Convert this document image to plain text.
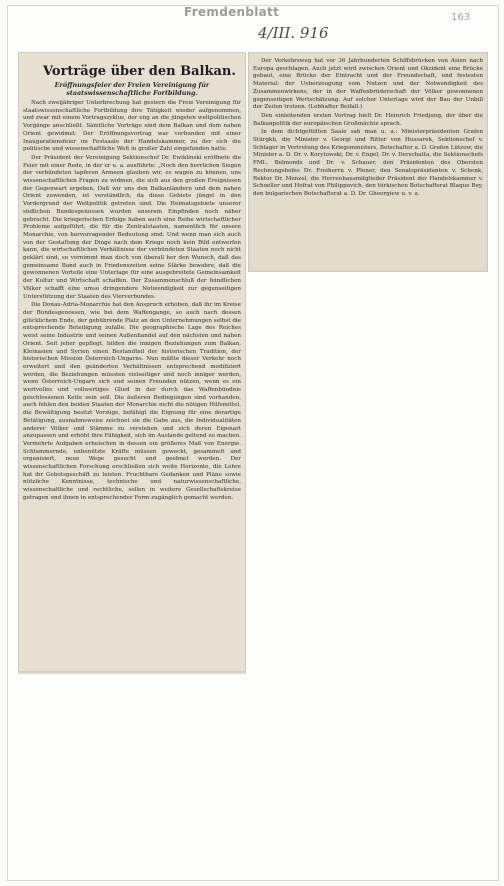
Fremdenblatt
4/III. 916
163
Vorträge über den Balkan.
Eröffnungsfeier der Freien Vereinigung für staatswissenschaftliche Fortbildung.

Nach zweijähriger Unterbrechung hat gestern die Freie Vereinigung für staatswissenschaftliche Fortbildung ihre Tätigkeit wieder aufgenommen, und zwar mit einem Vortragszyklus, der eng an die jüngsten weltpolitischen Vorgänge anschließt. Sämtliche Vorträge sind dem Balkan und dem nahen Orient gewidmet. Der Eröffnungsvortrag war verbunden mit einer Inaugurationsfeier im Festsaale der Handelskammer, zu der sich die politische und wissenschaftliche Welt in großer Zahl eingefunden hatte.

Der Präsident der Vereinigung Sektionschef Dr. Ewiklinski eröffnete die Feier mit einer Rede, in der er u. a. ausführte: „Noch den herrlichen Siegen der verbündeten tapferen Armeen glauben wir, es wagen zu können, uns wissenschaftlichen Fragen zu widmen, die sich aus den großen Ereignissen der Gegenwart ergeben. Daß wir uns den Balkanländern und dem nahen Orient zuwenden, ist verständlich, da diese Gebiete jüngst in den Vordergrund der Weltpolitik getreten sind. Die Heimatsgebiete unserer südlichen Bundesgenossen wurden unserem Empfinden noch näher gebracht. Die kriegerischen Erfolge haben auch eine Reihe wirtschaftlicher Probleme aufgeführt, die für die Zentralstaaten, namentlich für unsere Monarchie, von hervorragender Bedeutung sind. Und wenn man sich auch von der Gestaltung der Dinge nach dem Kriege noch kein Bild entwerfen kann, die wirtschaftlichen Verhältnisse der verbündeten Staaten noch nicht geklärt sind, so vernimmt man doch von überall her den Wunsch, daß das gemeinsame Band auch in Friedenszeiten seine Stärke bewahre, daß die gewonnenen Vorteile eine Unterlage für eine ausgebreitete Gemeinsamkeit der Kultur und Wirtschaft schaffen. Der Zusammenschluß der feindlichen Völker schafft eine umso dringendere Notwendigkeit zur gegenseitigen Unterstützung der Staaten des Vierverbundes.

Die Donau-Adria-Monarchie hat den Anspruch erhoben, daß ihr im Kreise der Bundesgenossen, wie bei dem Waffengange, so auch nach dessen glücklichem Ende, der gebührende Platz an den Unternehmungen selbst die entsprechende Beteiligung zufalle. Die geographische Lage des Reiches weist seine Industrie und seinen Außenhandel auf den nächsten und nahen Orient. Seit jeher gepflegt, bilden die innigen Beziehungen zum Balkan, Kleinasien und Syrien einen Bestandteil der historischen Tradition, der historischen Mission Österreich-Ungarns. Nun müßte dieser Verkehr noch erweitert und den geänderten Verhältnissen entsprechend modifiziert werden, die Beziehungen müssten vielseitiger und noch inniger werden, wenn Österreich-Ungarn sich und seinen Freunden nützen, wenn es ein wertvolles und vollwertiges Glied in der durch das Waffenbündnis geschlossenen Kette sein soll. Die äußeren Bedingungen sind vorhanden, auch fehlen den beiden Staaten der Monarchie nicht die nötigen Hilfsmittel, die Bewältigung besitzt Vorzüge, befähigt die Eignung für eine derartige Betätigung, ausnahmsweise zeichnet sie die Gabe aus, die Individualitäten anderer Völker und Stämme zu verstehen und sich deren Eigenart anzupassen und erhöht ihre Fähigkeit, sich im Auslande geltend zu machen. Vermehrte Aufgaben erheischen in dessen ein größeres Maß von Energie. Schlummernde, unbenützte Kräfte müssen geweckt, gesammelt und organisiert, neue Wege gesucht und geebnet werden. Der wissenschaftlichen Forschung erschließen sich weite Horizonte, die Lehre hat ihr Gebotsgeschäft zu leisten. Fruchtbare Gedanken und Pläne sowie nützliche Kenntnisse, technische und naturwissenschaftliche, wissenschaftliche und rechtliche, sollen in weitere Gesellschaftskreise getragen und ihnen in entsprechender Form zugänglich gemacht werden.

Der Verkehrsweg hat vor 36 Jahrhunderten Schiffsbrücken von Asien nach Europa geschlagen. Auch jetzt wird zwischen Orient und Okzident eine Brücke gebaut, eine Brücke der Eintracht und der Freundschaft, und festesten Material: der Ueberzeugung vom Nutzen und der Notwendigkeit des Zusammenwirkens, der in der Waffenbrüderschaft der Völker gewonnenen gegenseitigen Wertschätzung. Auf solcher Unterlage wird der Bau der Unbill der Zeiten trotzen. (Lebhafter Beifall.)

Den einleitenden ersten Vortrag hielt Dr. Heinrich Friedjung, der über die Balkanpolitik der europäischen Großmächte sprach.

In dem dichtgefüllten Saale sah man u. a.: Ministerpräsidenten Grafen Stürgkh, die Minister v. Georgi und Ritter von Hussarek, Sektionschef v. Schlager in Vertretung des Kriegsministers, Botschafter a. D. Grafen Lützow, die Minister a. D. Dr. v. Korytowski, Dr. v. Engel, Dr. v. Derschatta, die Sektionschefs FML. Belmonds und Dr. v. Schauer, den Präsidenten des Obersten Rechnungshofes Dr. Freiherrn v. Plener, den Senatspräsidenten v. Schenk, Rektor Dr. Menzel, die Herrenhausmitglieder Präsident der Handelskammer v. Schoeller und Hofrat von Philippovich, den türkischen Botschaftsrat Blaque Bey, den bulgarischen Botschaftsrat a. D. Dr. Gheorgiew u. v. a.
